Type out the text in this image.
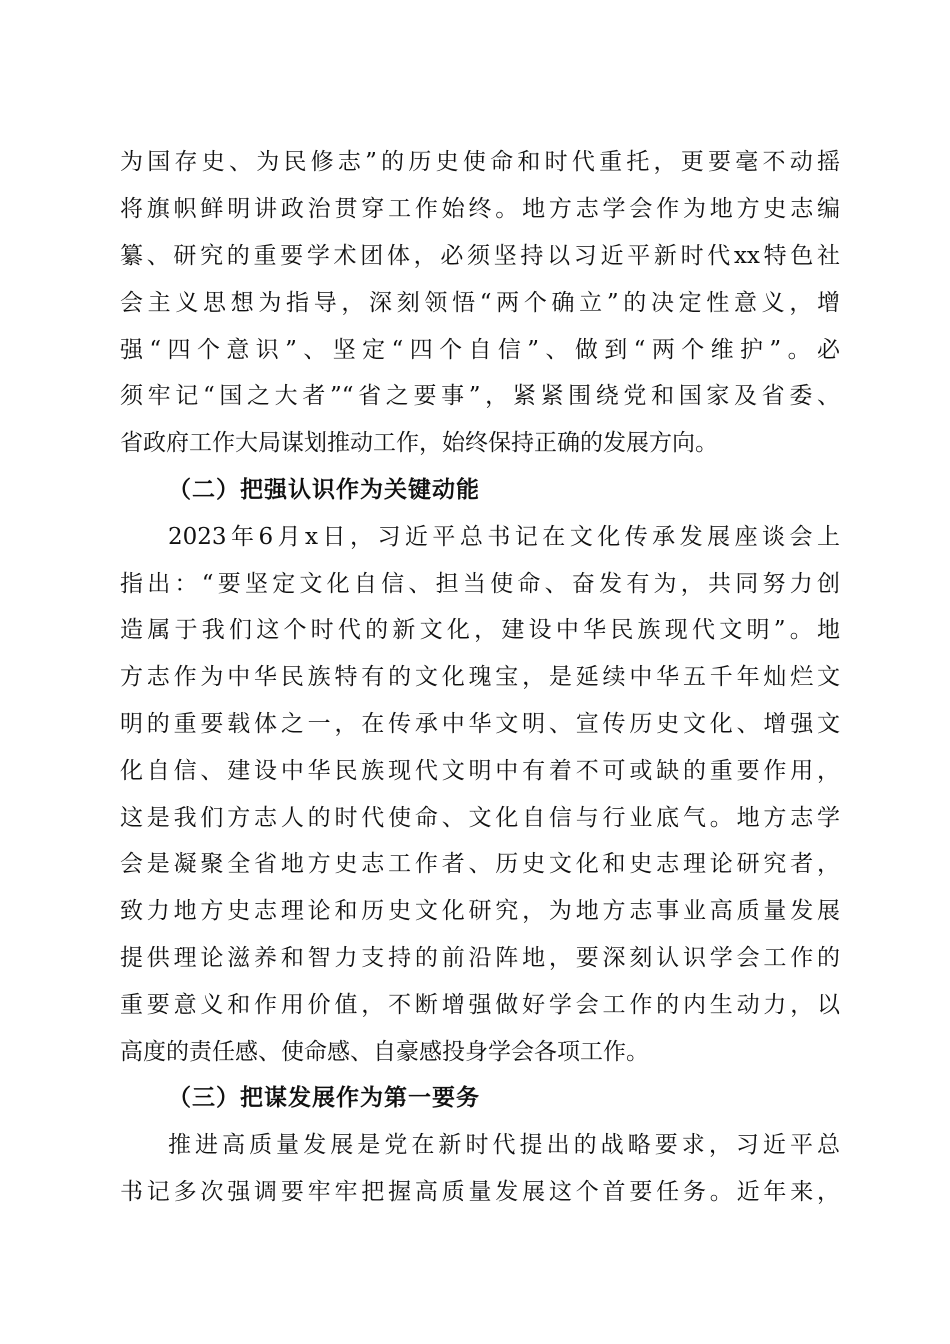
为国存史、为民修志”的历史使命和时代重托，更要毫不动摇
将旗帜鲜明讲政治贯穿工作始终。地方志学会作为地方史志编
纂、研究的重要学术团体，必须坚持以习近平新时代xx特色社
会主义思想为指导，深刻领悟“两个确立”的决定性意义，增
强“四个意识”、坚定“四个自信”、做到“两个维护”。必
须牢记“国之大者”“省之要事”，紧紧围绕党和国家及省委、
省政府工作大局谋划推动工作，始终保持正确的发展方向。
（二）把强认识作为关键动能
2023年6月x日，习近平总书记在文化传承发展座谈会上
指出：“要坚定文化自信、担当使命、奋发有为，共同努力创
造属于我们这个时代的新文化，建设中华民族现代文明”。地
方志作为中华民族特有的文化瑰宝，是延续中华五千年灿烂文
明的重要载体之一，在传承中华文明、宣传历史文化、增强文
化自信、建设中华民族现代文明中有着不可或缺的重要作用，
这是我们方志人的时代使命、文化自信与行业底气。地方志学
会是凝聚全省地方史志工作者、历史文化和史志理论研究者，
致力地方史志理论和历史文化研究，为地方志事业高质量发展
提供理论滋养和智力支持的前沿阵地，要深刻认识学会工作的
重要意义和作用价值，不断增强做好学会工作的内生动力，以
高度的责任感、使命感、自豪感投身学会各项工作。
（三）把谋发展作为第一要务
推进高质量发展是党在新时代提出的战略要求，习近平总
书记多次强调要牢牢把握高质量发展这个首要任务。近年来，
